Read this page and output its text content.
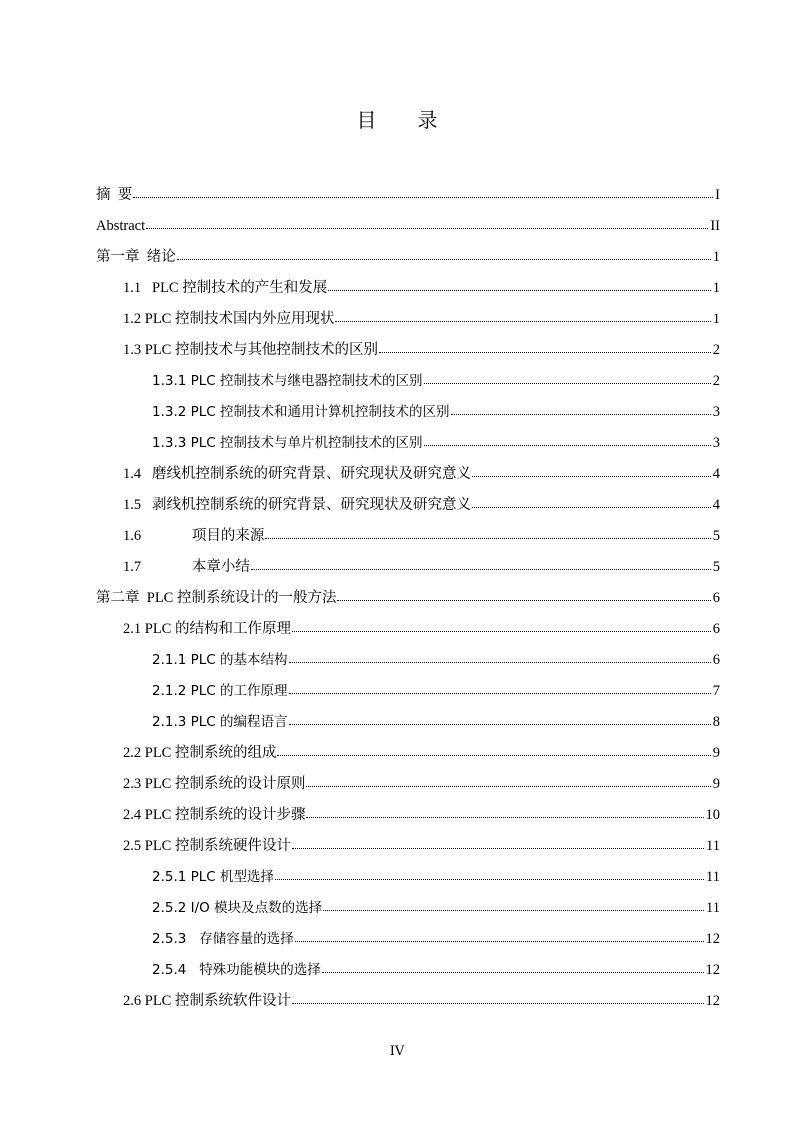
目 录
摘  要	I
Abstract	II
第一章  绪论	1
1.1   PLC 控制技术的产生和发展	1
1.2 PLC 控制技术国内外应用现状	1
1.3 PLC 控制技术与其他控制技术的区别	2
1.3.1 PLC 控制技术与继电器控制技术的区别	2
1.3.2 PLC 控制技术和通用计算机控制技术的区别	3
1.3.3 PLC 控制技术与单片机控制技术的区别	3
1.4   磨线机控制系统的研究背景、研究现状及研究意义	4
1.5   剥线机控制系统的研究背景、研究现状及研究意义	4
1.6              项目的来源	5
1.7              本章小结	5
第二章  PLC 控制系统设计的一般方法	6
2.1 PLC 的结构和工作原理	6
2.1.1 PLC 的基本结构	6
2.1.2 PLC 的工作原理	7
2.1.3 PLC 的编程语言	8
2.2 PLC 控制系统的组成	9
2.3 PLC 控制系统的设计原则	9
2.4 PLC 控制系统的设计步骤	10
2.5 PLC 控制系统硬件设计	11
2.5.1 PLC 机型选择	11
2.5.2 I/O 模块及点数的选择	11
2.5.3   存储容量的选择	12
2.5.4   特殊功能模块的选择	12
2.6 PLC 控制系统软件设计	12
IV
